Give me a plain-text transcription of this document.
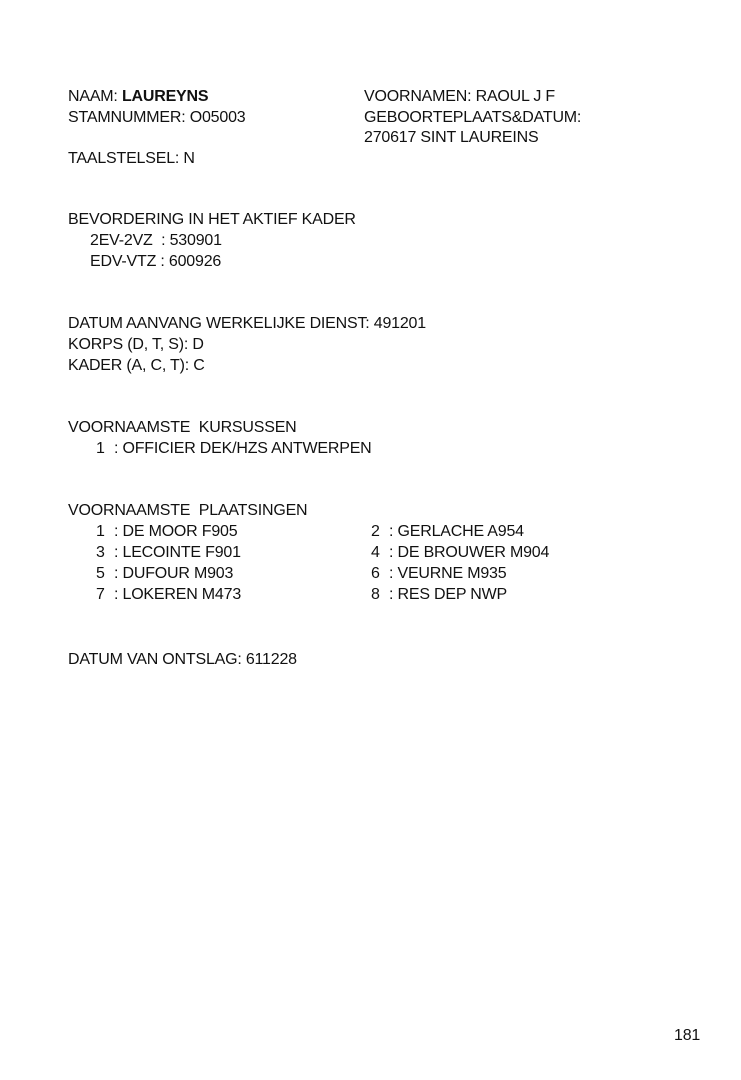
NAAM: LAUREYNS	VOORNAMEN: RAOUL J F
STAMNUMMER: O05003	GEBOORTEPLAATS&DATUM:
270617 SINT LAUREINS
TAALSTELSEL: N
BEVORDERING IN HET AKTIEF KADER
2EV-2VZ  : 530901
EDV-VTZ : 600926
DATUM AANVANG WERKELIJKE DIENST: 491201
KORPS (D, T, S): D
KADER (A, C, T): C
VOORNAAMSTE  KURSUSSEN
1 : OFFICIER DEK/HZS ANTWERPEN
VOORNAAMSTE  PLAATSINGEN
1 : DE MOOR F905	2 : GERLACHE A954
3 : LECOINTE F901	4 : DE BROUWER M904
5 : DUFOUR M903	6 : VEURNE M935
7 : LOKEREN M473	8 : RES DEP NWP
DATUM VAN ONTSLAG: 611228
181
